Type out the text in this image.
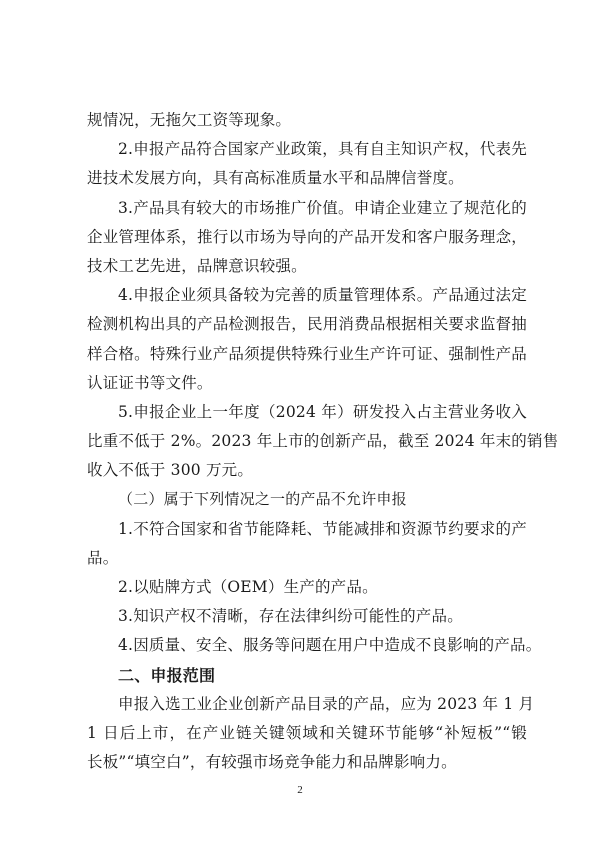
规情况，无拖欠工资等现象。
2.申报产品符合国家产业政策，具有自主知识产权，代表先
进技术发展方向，具有高标准质量水平和品牌信誉度。
3.产品具有较大的市场推广价值。申请企业建立了规范化的
企业管理体系，推行以市场为导向的产品开发和客户服务理念，
技术工艺先进，品牌意识较强。
4.申报企业须具备较为完善的质量管理体系。产品通过法定
检测机构出具的产品检测报告，民用消费品根据相关要求监督抽
样合格。特殊行业产品须提供特殊行业生产许可证、强制性产品
认证证书等文件。
5.申报企业上一年度（2024 年）研发投入占主营业务收入
比重不低于 2%。2023 年上市的创新产品，截至 2024 年末的销售
收入不低于 300 万元。
（二）属于下列情况之一的产品不允许申报
1.不符合国家和省节能降耗、节能减排和资源节约要求的产
品。
2.以贴牌方式（OEM）生产的产品。
3.知识产权不清晰，存在法律纠纷可能性的产品。
4.因质量、安全、服务等问题在用户中造成不良影响的产品。
二、申报范围
申报入选工业企业创新产品目录的产品，应为 2023 年 1 月
1 日后上市，在产业链关键领域和关键环节能够“补短板”“锻
长板”“填空白”，有较强市场竞争能力和品牌影响力。
2
